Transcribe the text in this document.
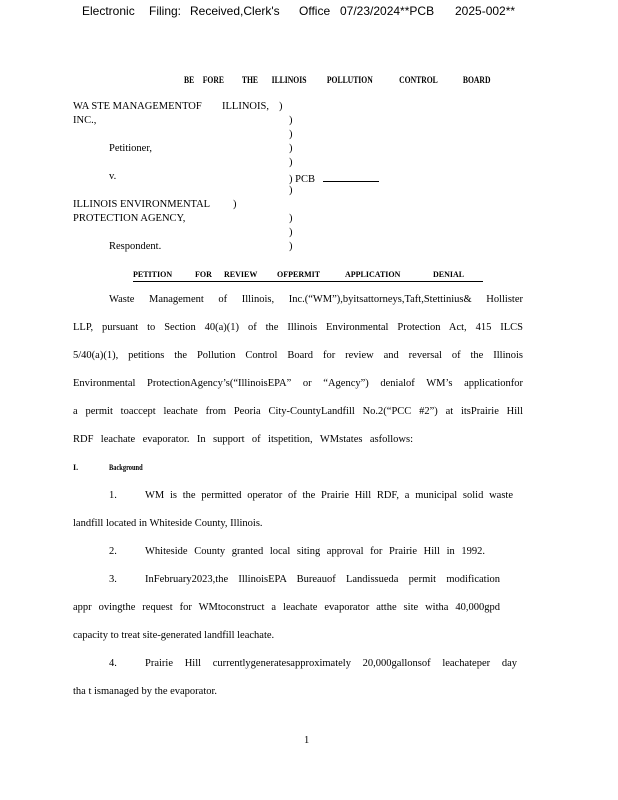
Electronic Filing: Received,Clerk's Office 07/23/2024**PCB 2025-002**
BE FORE THE ILLINOIS POLLUTION	CONTROL	BOARD
WA STE MANAGEMENTOF ILLINOIS,
INC.,
Petitioner,
v.
ILLINOIS ENVIRONMENTAL
PROTECTION AGENCY,
Respondent.
)
)
)
)
)
) PCB
)
)
)
)
)
PETITION	FOR REVIEW OFPERMIT	APPLICATION	DENIAL
Waste Management of Illinois, Inc.(“WM”),byitsattorneys,Taft,Stettinius& Hollister
LLP, pursuant to Section 40(a)(1) of the Illinois Environmental Protection Act, 415 ILCS
5/40(a)(1), petitions the Pollution Control Board for review and reversal of the Illinois
Environmental ProtectionAgency’s(“IllinoisEPA” or “Agency”) denialof WM’s applicationfor
a permit toaccept leachate from Peoria City-CountyLandfill No.2(“PCC #2”) at itsPrairie Hill
RDF leachate evaporator. In support of itspetition, WMstates asfollows:
I.	Background
1.	WM is the permitted operator of the Prairie Hill RDF, a municipal solid waste
landfill located in Whiteside County, Illinois.
2.	Whiteside County granted local siting approval for Prairie Hill in 1992.
3.	InFebruary2023,the IllinoisEPA Bureauof Landissueda permit modification
appr ovingthe request for WMtoconstruct a leachate evaporator atthe site witha 40,000gpd
capacity to treat site-generated landfill leachate.
4.	Prairie Hill currentlygeneratesapproximately 20,000gallonsof leachateper day
tha t ismanaged by the evaporator.
1
